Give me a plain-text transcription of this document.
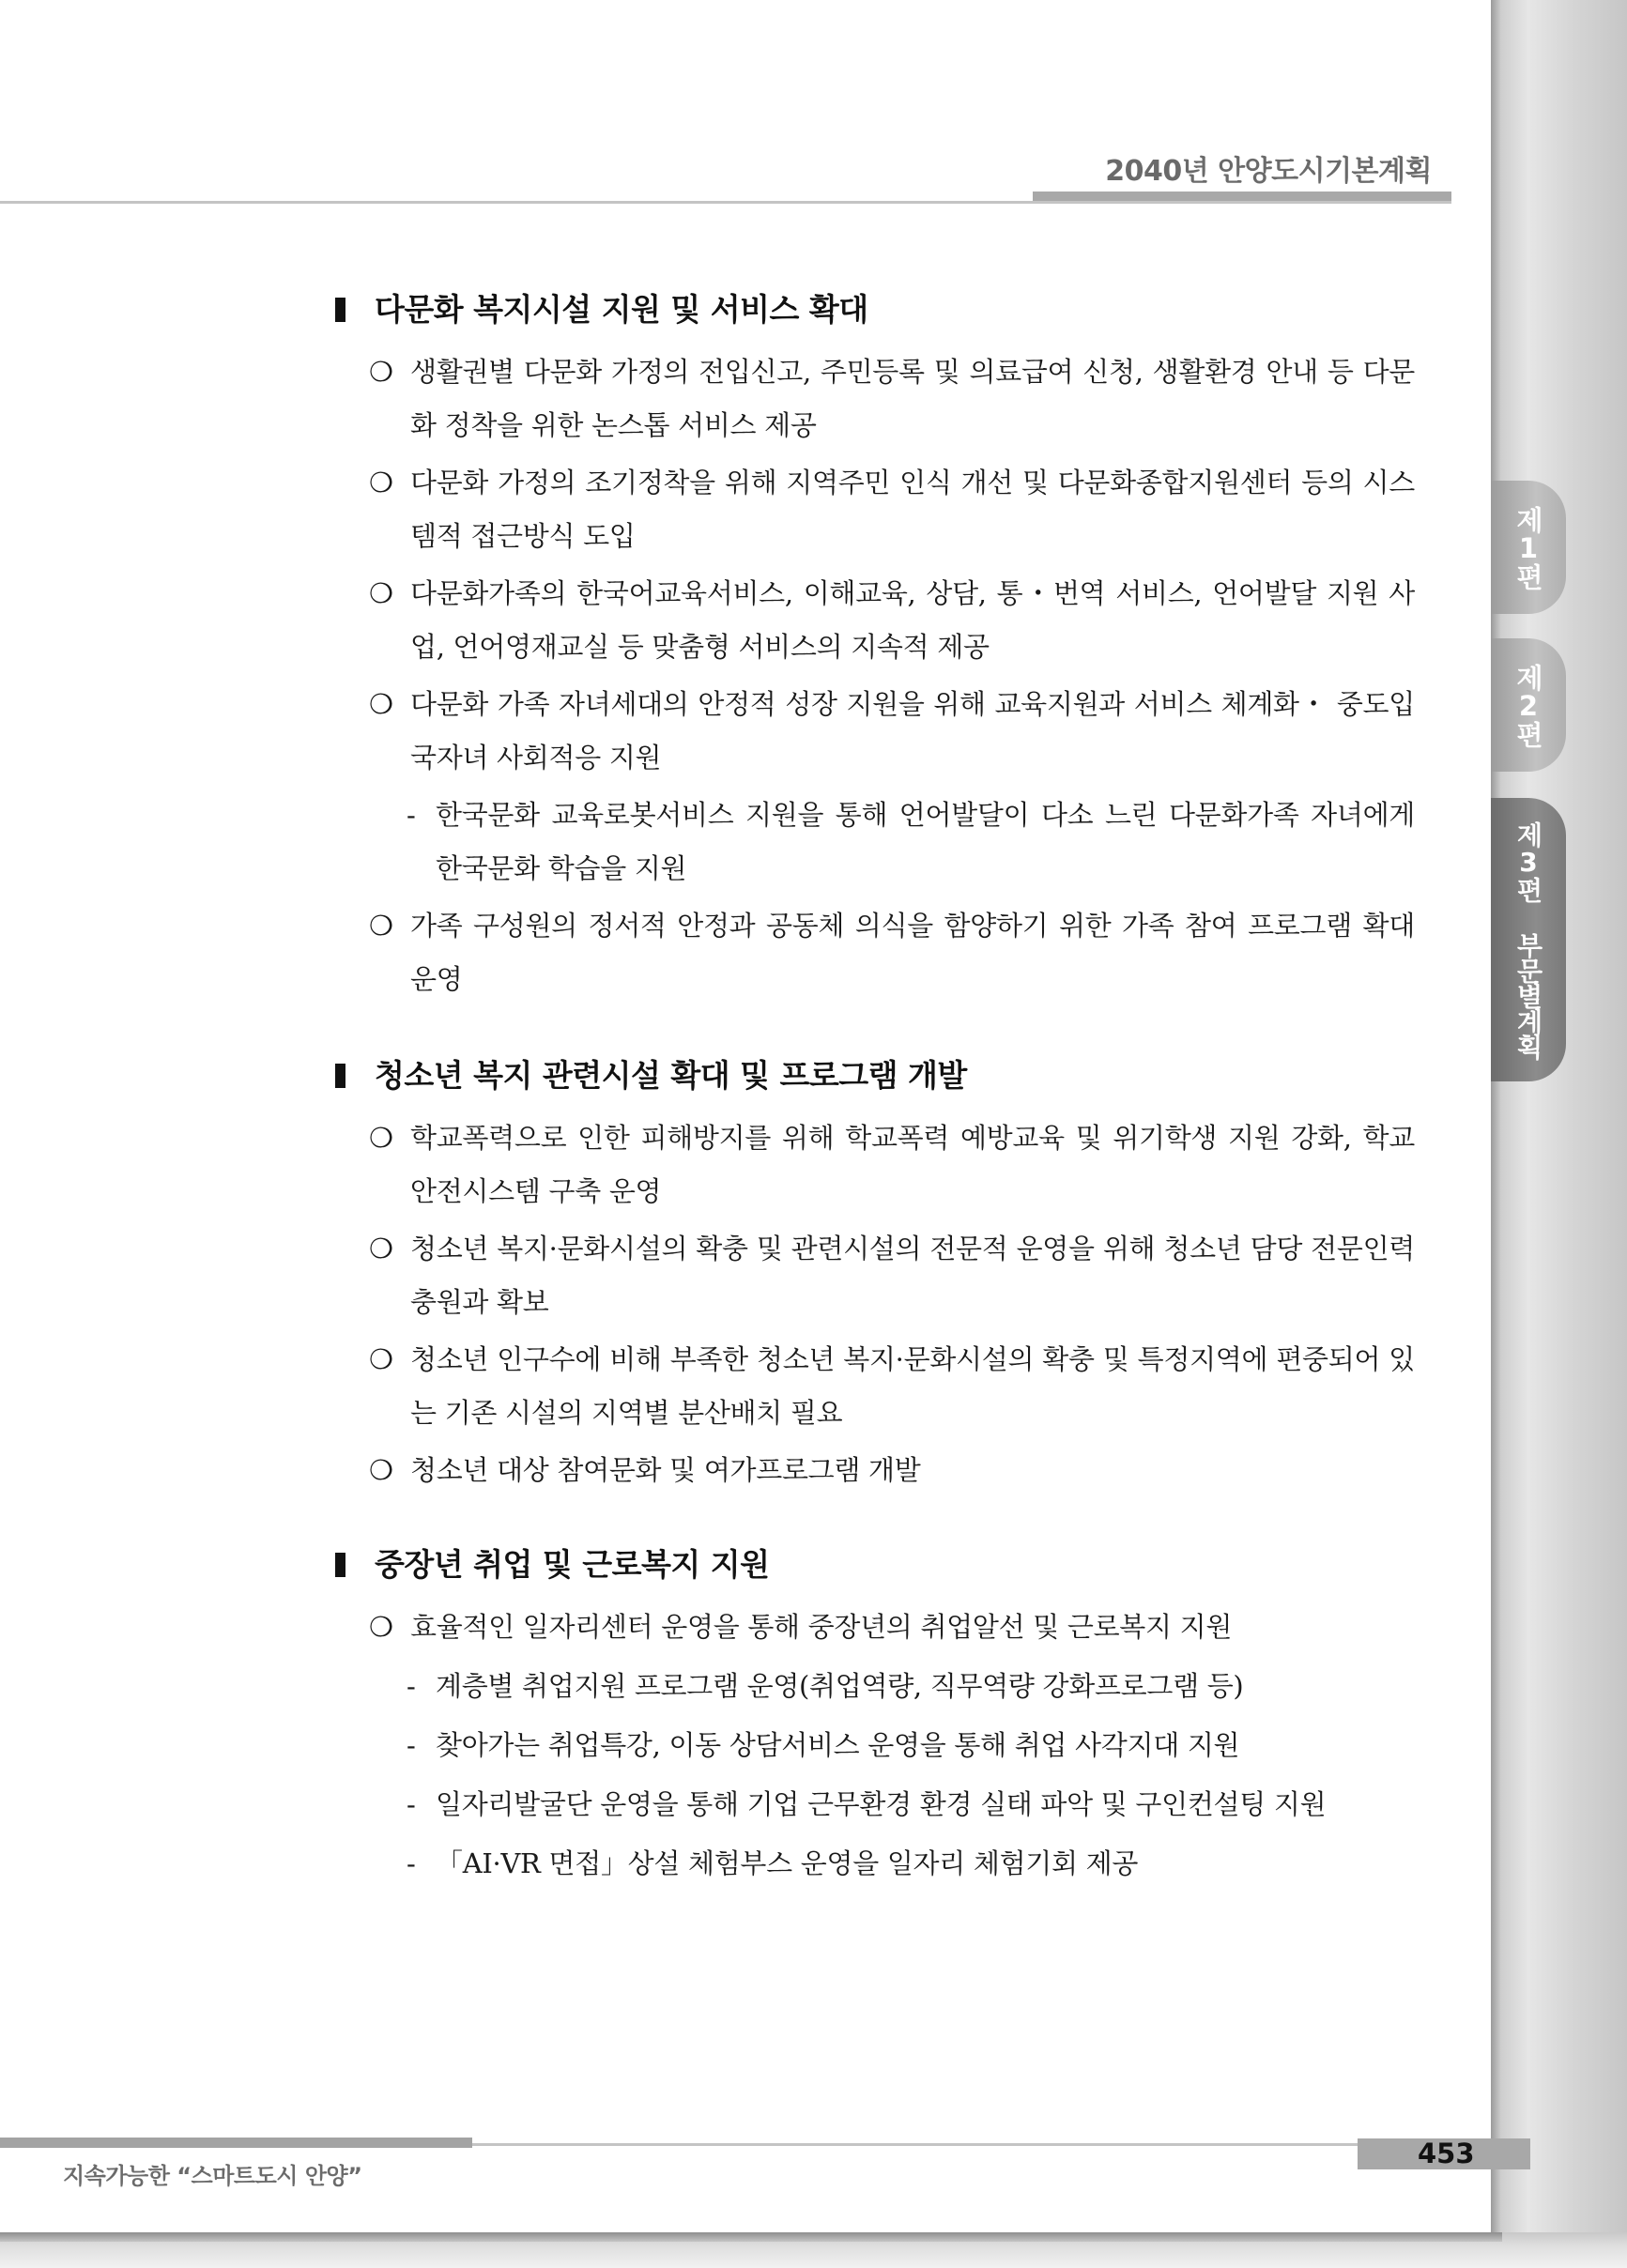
2040년 안양도시기본계획
제1편
제2편
제3편 부문별계획
다문화 복지시설 지원 및 서비스 확대
❍ 생활권별 다문화 가정의 전입신고, 주민등록 및 의료급여 신청, 생활환경 안내 등 다문화 정착을 위한 논스톱 서비스 제공
❍ 다문화 가정의 조기정착을 위해 지역주민 인식 개선 및 다문화종합지원센터 등의 시스템적 접근방식 도입
❍ 다문화가족의 한국어교육서비스, 이해교육, 상담, 통・번역 서비스, 언어발달 지원 사업, 언어영재교실 등 맞춤형 서비스의 지속적 제공
❍ 다문화 가족 자녀세대의 안정적 성장 지원을 위해 교육지원과 서비스 체계화・ 중도입국자녀 사회적응 지원
- 한국문화 교육로봇서비스 지원을 통해 언어발달이 다소 느린 다문화가족 자녀에게 한국문화 학습을 지원
❍ 가족 구성원의 정서적 안정과 공동체 의식을 함양하기 위한 가족 참여 프로그램 확대 운영
청소년 복지 관련시설 확대 및 프로그램 개발
❍ 학교폭력으로 인한 피해방지를 위해 학교폭력 예방교육 및 위기학생 지원 강화, 학교 안전시스템 구축 운영
❍ 청소년 복지·문화시설의 확충 및 관련시설의 전문적 운영을 위해 청소년 담당 전문인력 충원과 확보
❍ 청소년 인구수에 비해 부족한 청소년 복지·문화시설의 확충 및 특정지역에 편중되어 있는 기존 시설의 지역별 분산배치 필요
❍ 청소년 대상 참여문화 및 여가프로그램 개발
중장년 취업 및 근로복지 지원
❍ 효율적인 일자리센터 운영을 통해 중장년의 취업알선 및 근로복지 지원
- 계층별 취업지원 프로그램 운영(취업역량, 직무역량 강화프로그램 등)
- 찾아가는 취업특강, 이동 상담서비스 운영을 통해 취업 사각지대 지원
- 일자리발굴단 운영을 통해 기업 근무환경 환경 실태 파악 및 구인컨설팅 지원
- 「AI·VR 면접」상설 체험부스 운영을 일자리 체험기회 제공
지속가능한 “스마트도시 안양”
453
